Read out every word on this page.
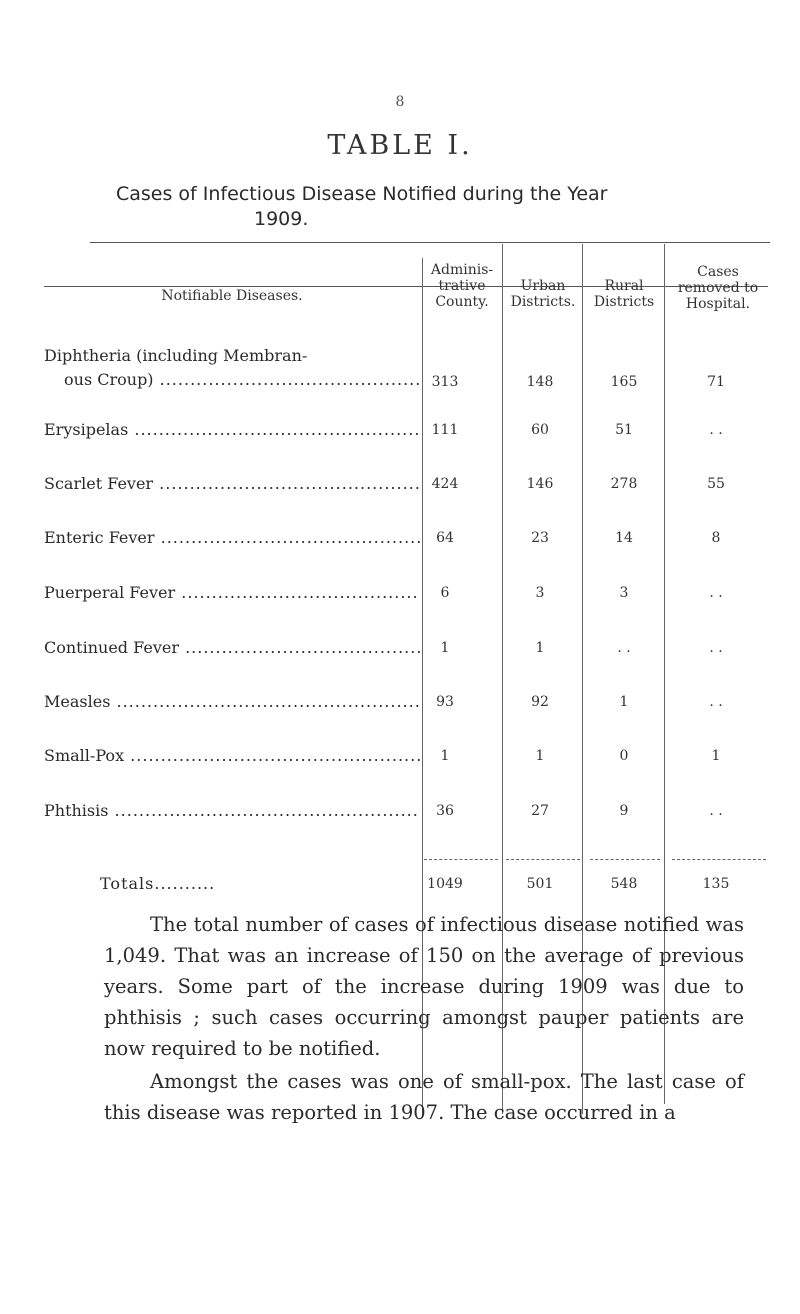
8
TABLE I.
Cases of Infectious Disease Notified during the Year
1909.
Notifiable Diseases.
Adminis-trative County.
Urban Districts.
Rural Districts
Cases removed to Hospital.
Diphtheria (including Membran-
ous Croup) .....	313	148	165	71
Erysipelas .....	111	60	51	. .
Scarlet Fever .....	424	146	278	55
Enteric Fever .....	64	23	14	8
Puerperal Fever .....	6	3	3	. .
Continued Fever .....	1	1	. .	. .
Measles .....	93	92	1	. .
Small-Pox .....	1	1	0	1
Phthisis .....	36	27	9	. .
Totals..........	1049	501	548	135

The total number of cases of infectious disease notified was 1,049. That was an increase of 150 on the average of previous years. Some part of the increase during 1909 was due to phthisis ; such cases occurring amongst pauper patients are now required to be notified.

Amongst the cases was one of small-pox. The last case of this disease was reported in 1907. The case occurred in a
